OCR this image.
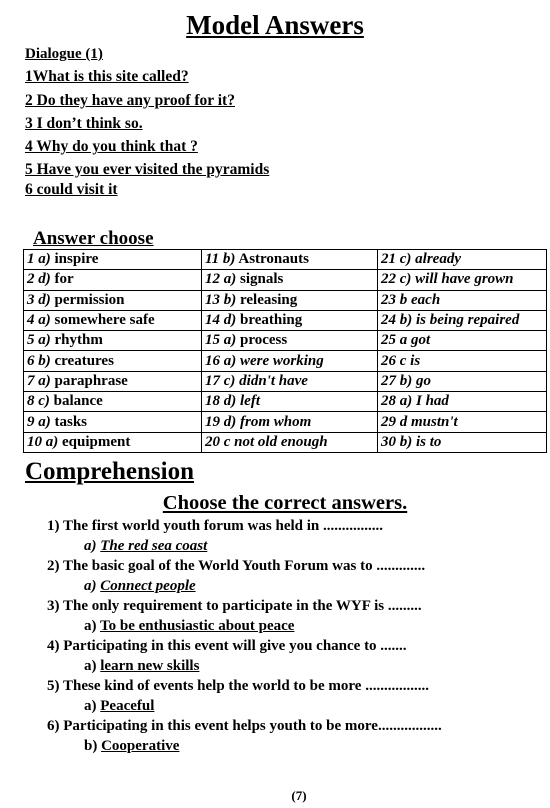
Model Answers
Dialogue (1)
1What is this site called?
2 Do they have any proof for it?
3 I don’t think so.
4 Why do you think that ?
5 Have you ever visited the pyramids
6 could visit it
Answer choose
1 a) inspire	11 b) Astronauts	21 c) already
2 d) for	12 a) signals	22 c) will have grown
3 d) permission	13 b) releasing	23 b each
4 a) somewhere safe	14 d) breathing	24 b) is being repaired
5 a) rhythm	15 a) process	25 a got
6 b) creatures	16 a) were working	26 c is
7 a) paraphrase	17 c) didn't have	27 b) go
8 c) balance	18 d) left	28 a) I had
9 a) tasks	19 d) from whom	29 d mustn't
10 a) equipment	20 c not old enough	30 b) is to
Comprehension
Choose the correct answers.
1) The first world youth forum was held in ................
a) The red sea coast
2) The basic goal of the World Youth Forum was to .............
a) Connect people
3) The only requirement to participate in the WYF is .........
a) To be enthusiastic about peace
4) Participating in this event will give you chance to .......
a) learn new skills
5) These kind of events help the world to be more .................
a) Peaceful
6) Participating in this event helps youth to be more.................
b) Cooperative
(7)
